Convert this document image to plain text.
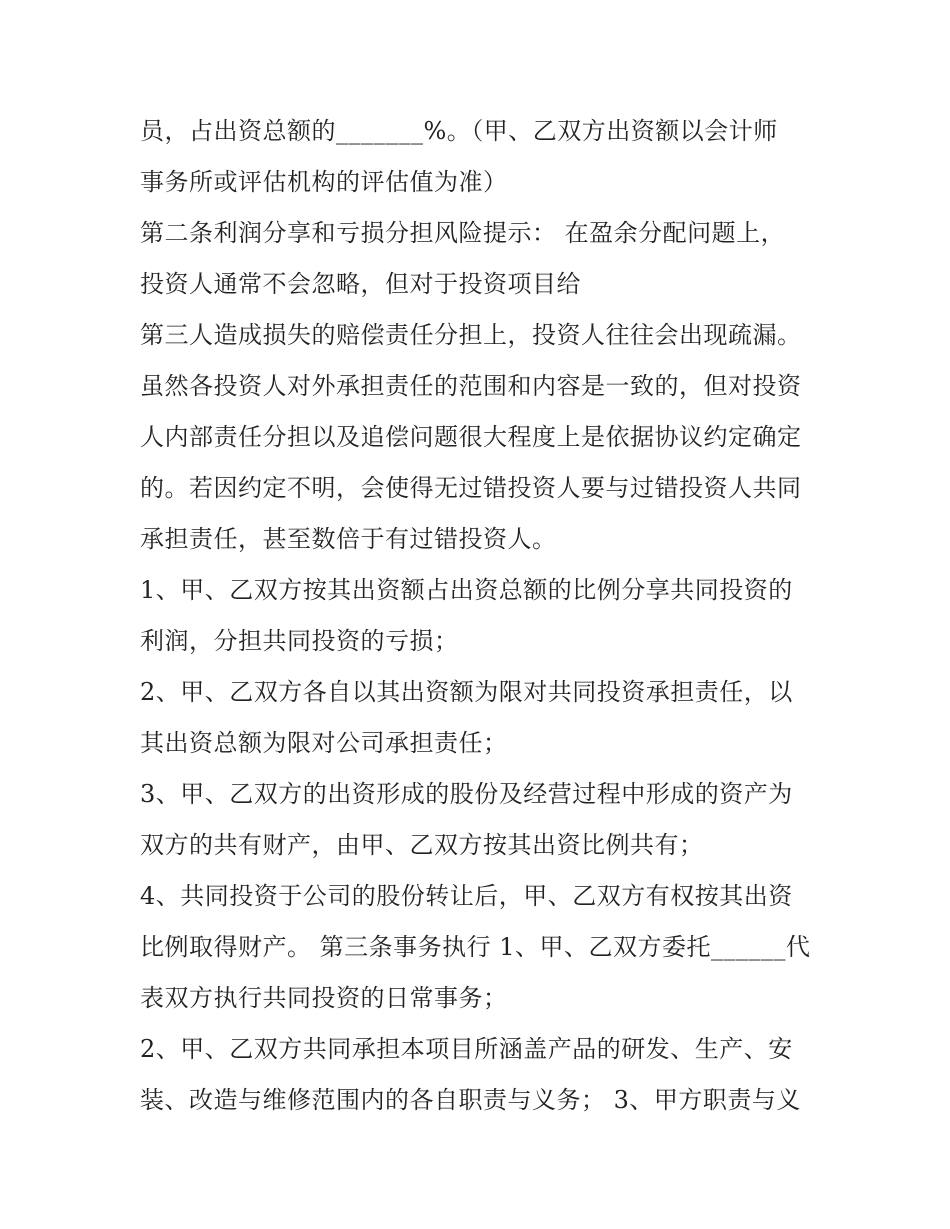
员，占出资总额的_______%。（甲、乙双方出资额以会计师
事务所或评估机构的评估值为准）
第二条利润分享和亏损分担风险提示： 在盈余分配问题上，
投资人通常不会忽略，但对于投资项目给
第三人造成损失的赔偿责任分担上，投资人往往会出现疏漏。
虽然各投资人对外承担责任的范围和内容是一致的，但对投资
人内部责任分担以及追偿问题很大程度上是依据协议约定确定
的。若因约定不明，会使得无过错投资人要与过错投资人共同
承担责任，甚至数倍于有过错投资人。
1、甲、乙双方按其出资额占出资总额的比例分享共同投资的
利润，分担共同投资的亏损；
2、甲、乙双方各自以其出资额为限对共同投资承担责任，以
其出资总额为限对公司承担责任；
3、甲、乙双方的出资形成的股份及经营过程中形成的资产为
双方的共有财产，由甲、乙双方按其出资比例共有；
4、共同投资于公司的股份转让后，甲、乙双方有权按其出资
比例取得财产。 第三条事务执行 1、甲、乙双方委托______代
表双方执行共同投资的日常事务；
2、甲、乙双方共同承担本项目所涵盖产品的研发、生产、安
装、改造与维修范围内的各自职责与义务； 3、甲方职责与义
